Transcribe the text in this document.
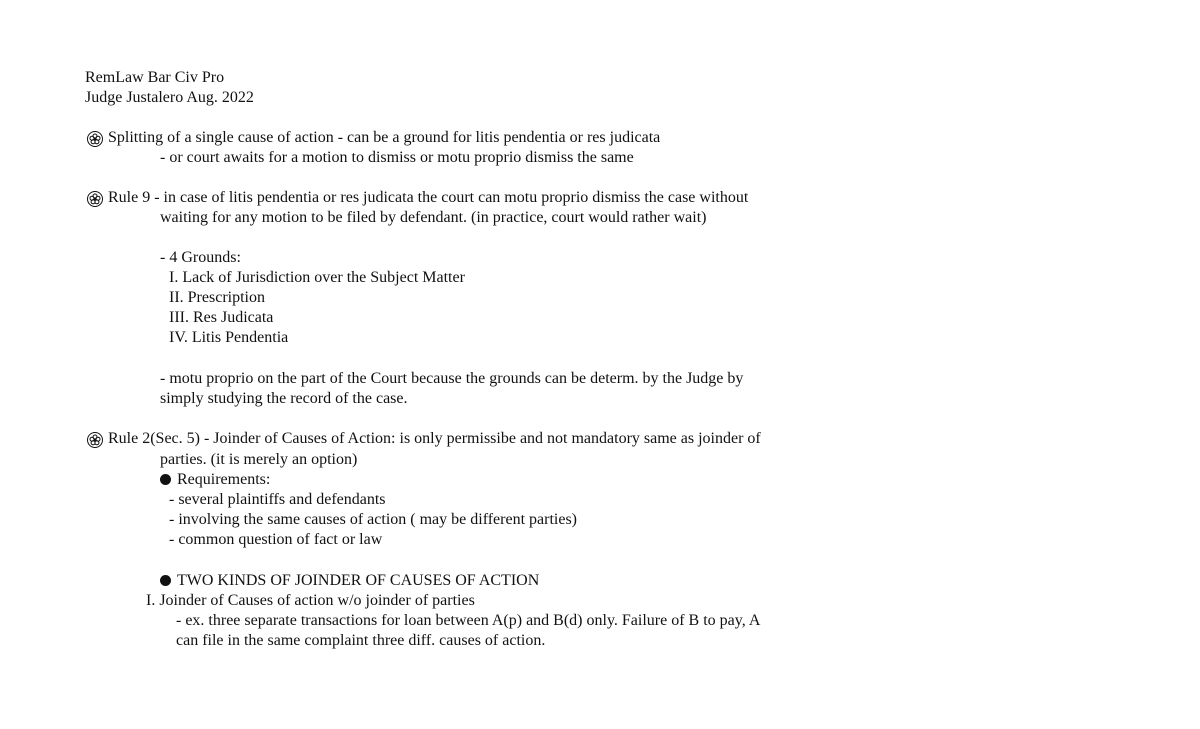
RemLaw Bar Civ Pro
Judge Justalero Aug. 2022
Splitting of a single cause of action - can be a ground for litis pendentia or res judicata
- or court awaits for a motion to dismiss or motu proprio dismiss the same
Rule 9 - in case of litis pendentia or res judicata the court can motu proprio dismiss the case without
waiting for any motion to be filed by defendant. (in practice, court would rather wait)
- 4 Grounds:
I. Lack of Jurisdiction over the Subject Matter
II. Prescription
III. Res Judicata
IV. Litis Pendentia
- motu proprio on the part of the Court because the grounds can be determ. by the Judge by
simply studying the record of the case.
Rule 2(Sec. 5) - Joinder of Causes of Action: is only permissibe and not mandatory same as joinder of
parties. (it is merely an option)
Requirements:
- several plaintiffs and defendants
- involving the same causes of action ( may be different parties)
- common question of fact or law
TWO KINDS OF JOINDER OF CAUSES OF ACTION
I. Joinder of Causes of action w/o joinder of parties
- ex. three separate transactions for loan between A(p) and B(d) only. Failure of B to pay, A
can file in the same complaint three diff. causes of action.
